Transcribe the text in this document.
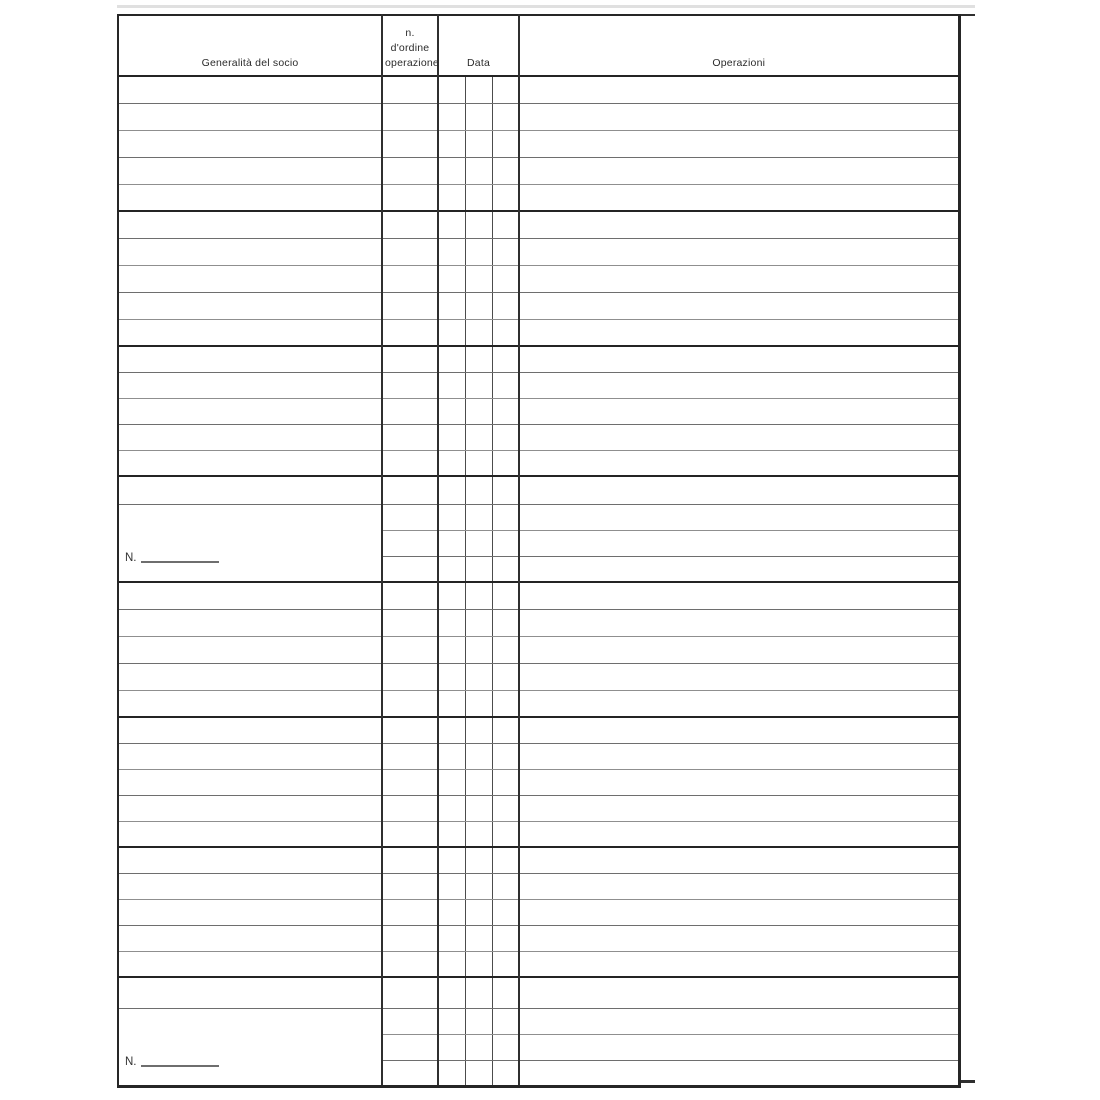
Generalità del socio	n.
d'ordine
operazione	Data			Operazioni

N.					

N.					
